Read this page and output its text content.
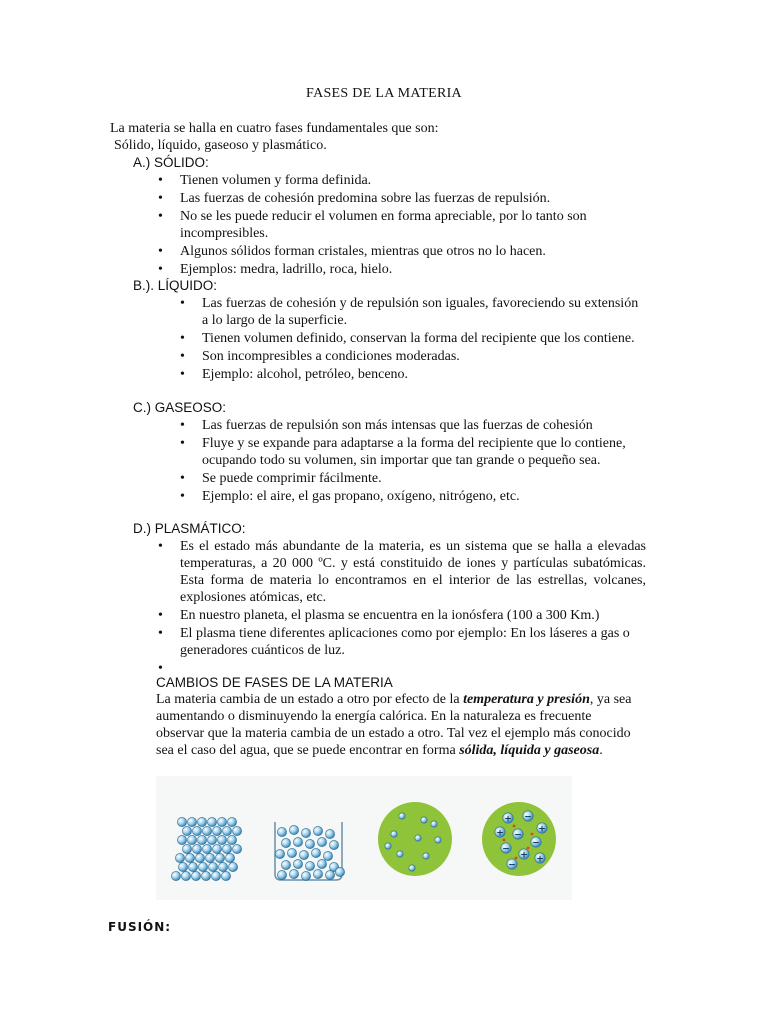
FASES DE LA MATERIA
La materia se halla en cuatro fases fundamentales que son:
Sólido, líquido, gaseoso y plasmático.
A.) SÓLIDO:
• Tienen volumen y forma definida.
• Las fuerzas de cohesión predomina sobre las fuerzas de repulsión.
• No se les puede reducir el volumen en forma apreciable, por lo tanto son incompresibles.
• Algunos sólidos forman cristales, mientras que otros no lo hacen.
• Ejemplos: medra, ladrillo, roca, hielo.
B.). LÍQUIDO:
• Las fuerzas de cohesión y de repulsión son iguales, favoreciendo su extensión a lo largo de la superficie.
• Tienen volumen definido, conservan la forma del recipiente que los contiene.
• Son incompresibles a condiciones moderadas.
• Ejemplo: alcohol, petróleo, benceno.
C.) GASEOSO:
• Las fuerzas de repulsión son más intensas que las fuerzas de cohesión
• Fluye y se expande para adaptarse a la forma del recipiente que lo contiene, ocupando todo su volumen, sin importar que tan grande o pequeño sea.
• Se puede comprimir fácilmente.
• Ejemplo: el aire, el gas propano, oxígeno, nitrógeno, etc.
D.) PLASMÁTICO:
• Es el estado más abundante de la materia, es un sistema que se halla a elevadas temperaturas, a 20 000 ºC. y está constituido de iones y partículas subatómicas. Esta forma de materia lo encontramos en el interior de las estrellas, volcanes, explosiones atómicas, etc.
• En nuestro planeta, el plasma se encuentra en la ionósfera (100 a 300 Km.)
• El plasma tiene diferentes aplicaciones como por ejemplo: En los láseres a gas o generadores cuánticos de luz.
•
CAMBIOS DE FASES DE LA MATERIA
La materia cambia de un estado a otro por efecto de la temperatura y presión, ya sea aumentando o disminuyendo la energía calórica. En la naturaleza es frecuente observar que la materia cambia de un estado a otro. Tal vez el ejemplo más conocido sea el caso del agua, que se puede encontrar en forma sólida, líquida y gaseosa.
+ −
+
+ −
−
−
+ +
−
FUSIÓN:
